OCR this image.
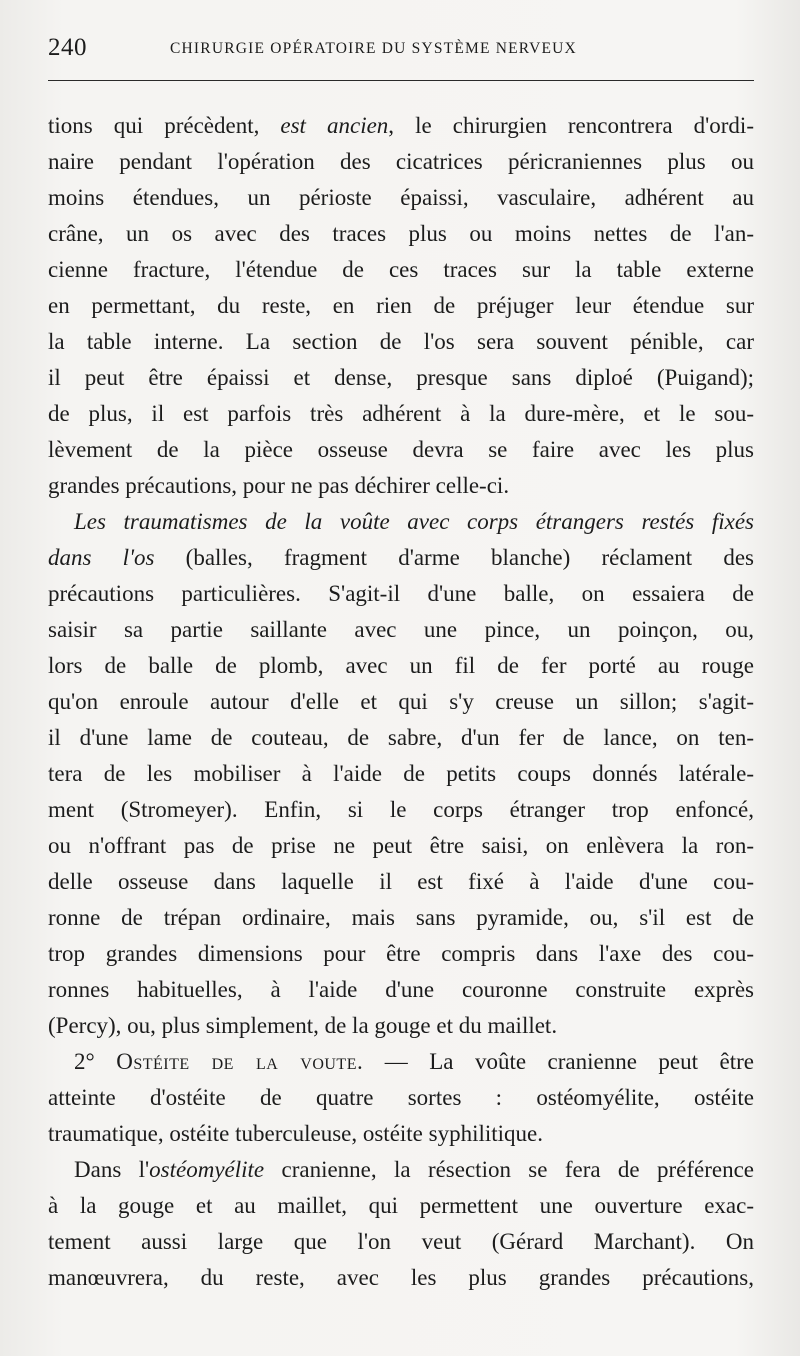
240	CHIRURGIE OPÉRATOIRE DU SYSTÈME NERVEUX
tions qui précèdent, est ancien, le chirurgien rencontrera d'ordi-
naire pendant l'opération des cicatrices péricraniennes plus ou
moins étendues, un périoste épaissi, vasculaire, adhérent au
crâne, un os avec des traces plus ou moins nettes de l'an-
cienne fracture, l'étendue de ces traces sur la table externe
en permettant, du reste, en rien de préjuger leur étendue sur
la table interne. La section de l'os sera souvent pénible, car
il peut être épaissi et dense, presque sans diploé (Puigand);
de plus, il est parfois très adhérent à la dure-mère, et le sou-
lèvement de la pièce osseuse devra se faire avec les plus
grandes précautions, pour ne pas déchirer celle-ci.
Les traumatismes de la voûte avec corps étrangers restés fixés
dans l'os (balles, fragment d'arme blanche) réclament des
précautions particulières. S'agit-il d'une balle, on essaiera de
saisir sa partie saillante avec une pince, un poinçon, ou,
lors de balle de plomb, avec un fil de fer porté au rouge
qu'on enroule autour d'elle et qui s'y creuse un sillon; s'agit-
il d'une lame de couteau, de sabre, d'un fer de lance, on ten-
tera de les mobiliser à l'aide de petits coups donnés latérale-
ment (Stromeyer). Enfin, si le corps étranger trop enfoncé,
ou n'offrant pas de prise ne peut être saisi, on enlèvera la ron-
delle osseuse dans laquelle il est fixé à l'aide d'une cou-
ronne de trépan ordinaire, mais sans pyramide, ou, s'il est de
trop grandes dimensions pour être compris dans l'axe des cou-
ronnes habituelles, à l'aide d'une couronne construite exprès
(Percy), ou, plus simplement, de la gouge et du maillet.
2° Ostéite de la voute. — La voûte cranienne peut être
atteinte d'ostéite de quatre sortes : ostéomyélite, ostéite
traumatique, ostéite tuberculeuse, ostéite syphilitique.
Dans l'ostéomyélite cranienne, la résection se fera de préférence
à la gouge et au maillet, qui permettent une ouverture exac-
tement aussi large que l'on veut (Gérard Marchant). On
manœuvrera, du reste, avec les plus grandes précautions,
